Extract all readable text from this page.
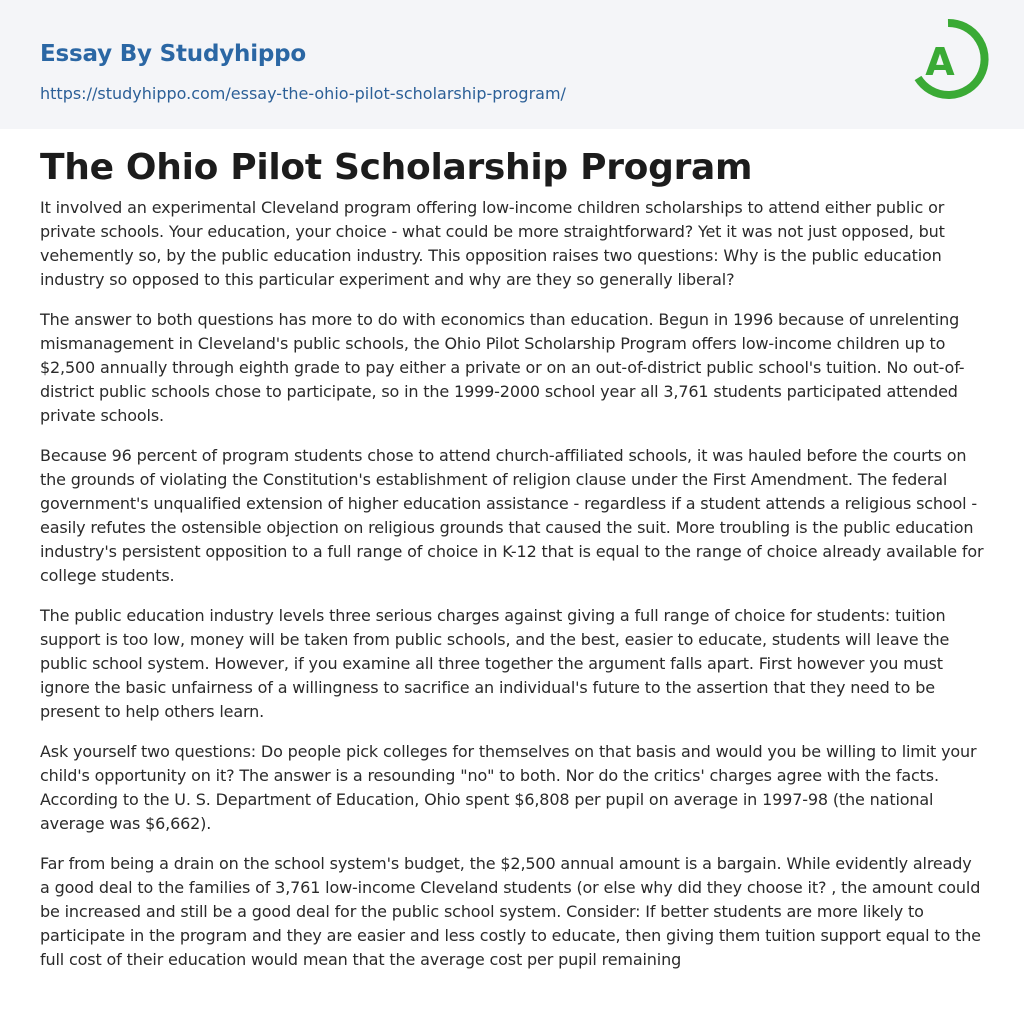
Essay By Studyhippo
https://studyhippo.com/essay-the-ohio-pilot-scholarship-program/
A
The Ohio Pilot Scholarship Program

It involved an experimental Cleveland program offering low-income children scholarships to attend either public or private schools. Your education, your choice - what could be more straightforward? Yet it was not just opposed, but vehemently so, by the public education industry. This opposition raises two questions: Why is the public education industry so opposed to this particular experiment and why are they so generally liberal?

The answer to both questions has more to do with economics than education. Begun in 1996 because of unrelenting mismanagement in Cleveland's public schools, the Ohio Pilot Scholarship Program offers low-income children up to $2,500 annually through eighth grade to pay either a private or on an out-of-district public school's tuition. No out-of-district public schools chose to participate, so in the 1999-2000 school year all 3,761 students participated attended private schools.

Because 96 percent of program students chose to attend church-affiliated schools, it was hauled before the courts on the grounds of violating the Constitution's establishment of religion clause under the First Amendment. The federal government's unqualified extension of higher education assistance - regardless if a student attends a religious school - easily refutes the ostensible objection on religious grounds that caused the suit. More troubling is the public education industry's persistent opposition to a full range of choice in K-12 that is equal to the range of choice already available for college students.

The public education industry levels three serious charges against giving a full range of choice for students: tuition support is too low, money will be taken from public schools, and the best, easier to educate, students will leave the public school system. However, if you examine all three together the argument falls apart. First however you must ignore the basic unfairness of a willingness to sacrifice an individual's future to the assertion that they need to be present to help others learn.

Ask yourself two questions: Do people pick colleges for themselves on that basis and would you be willing to limit your child's opportunity on it? The answer is a resounding "no" to both. Nor do the critics' charges agree with the facts. According to the U. S. Department of Education, Ohio spent $6,808 per pupil on average in 1997-98 (the national average was $6,662).

Far from being a drain on the school system's budget, the $2,500 annual amount is a bargain. While evidently already a good deal to the families of 3,761 low-income Cleveland students (or else why did they choose it? , the amount could be increased and still be a good deal for the public school system. Consider: If better students are more likely to participate in the program and they are easier and less costly to educate, then giving them tuition support equal to the full cost of their education would mean that the average cost per pupil remaining
